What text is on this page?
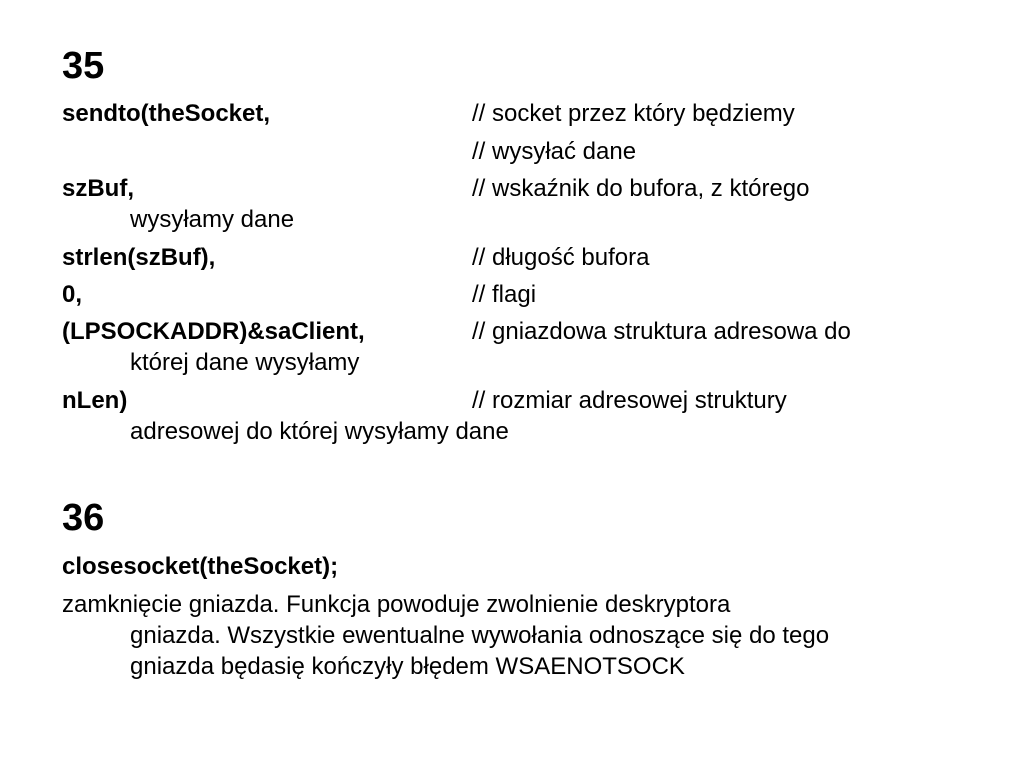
35
sendto(theSocket,	// socket przez który będziemy
// wysyłać dane
szBuf,	// wskaźnik do bufora, z którego
wysyłamy dane
strlen(szBuf),	// długość bufora
0,	// flagi
(LPSOCKADDR)&saClient,	// gniazdowa struktura adresowa do
której dane wysyłamy
nLen)	// rozmiar adresowej struktury
adresowej do której wysyłamy dane
36
closesocket(theSocket);
zamknięcie gniazda. Funkcja powoduje zwolnienie deskryptora
gniazda. Wszystkie ewentualne wywołania odnoszące się do tego
gniazda będasię kończyły błędem WSAENOTSOCK
